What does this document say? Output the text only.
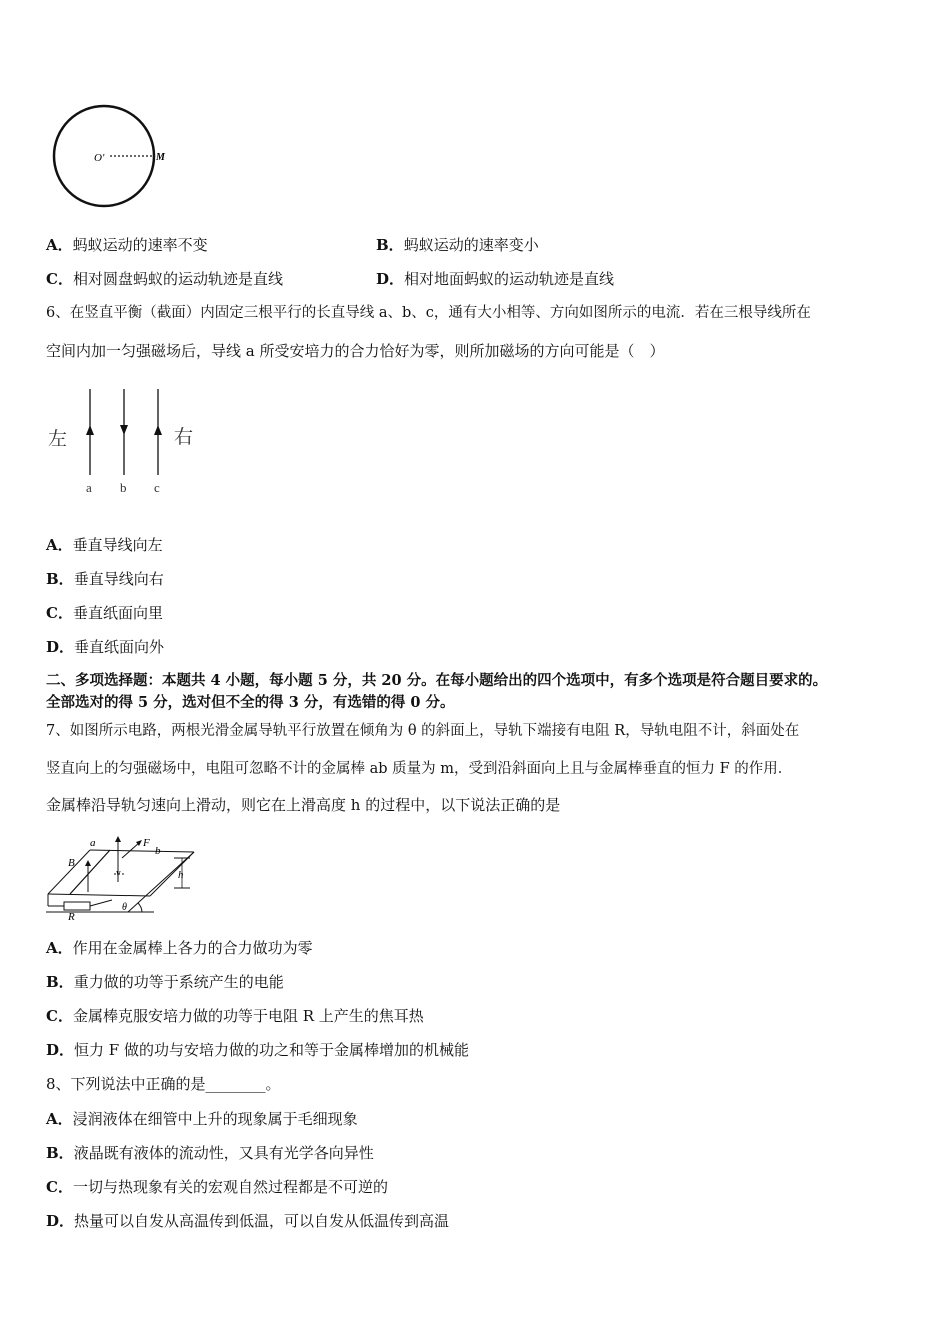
O'	M
A．蚂蚁运动的速率不变	B．蚂蚁运动的速率变小
C．相对圆盘蚂蚁的运动轨迹是直线	D．相对地面蚂蚁的运动轨迹是直线
6、在竖直平衡（截面）内固定三根平行的长直导线 a、b、c，通有大小相等、方向如图所示的电流．若在三根导线所在
空间内加一匀强磁场后，导线 a 所受安培力的合力恰好为零，则所加磁场的方向可能是（　）
左	右
a b c
A．垂直导线向左
B．垂直导线向右
C．垂直纸面向里
D．垂直纸面向外
二、多项选择题：本题共 4 小题，每小题 5 分，共 20 分。在每小题给出的四个选项中，有多个选项是符合题目要求的。
全部选对的得 5 分，选对但不全的得 3 分，有选错的得 0 分。
7、如图所示电路，两根光滑金属导轨平行放置在倾角为 θ 的斜面上，导轨下端接有电阻 R，导轨电阻不计，斜面处在
竖直向上的匀强磁场中，电阻可忽略不计的金属棒 ab 质量为 m，受到沿斜面向上且与金属棒垂直的恒力 F 的作用．
金属棒沿导轨匀速向上滑动，则它在上滑高度 h 的过程中，以下说法正确的是
a	F
b
B
v	h
R
θ
A．作用在金属棒上各力的合力做功为零
B．重力做的功等于系统产生的电能
C．金属棒克服安培力做的功等于电阻 R 上产生的焦耳热
D．恒力 F 做的功与安培力做的功之和等于金属棒增加的机械能
8、下列说法中正确的是________。
A．浸润液体在细管中上升的现象属于毛细现象
B．液晶既有液体的流动性，又具有光学各向异性
C．一切与热现象有关的宏观自然过程都是不可逆的
D．热量可以自发从高温传到低温，可以自发从低温传到高温
